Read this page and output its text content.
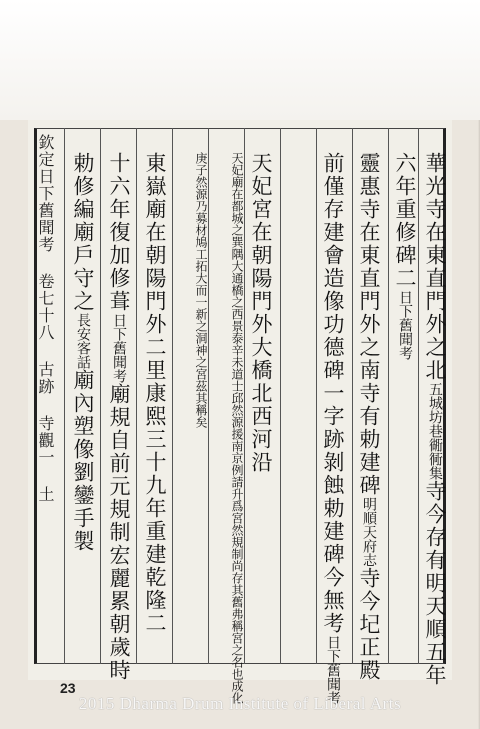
欽定日下舊聞考 卷七十八 古跡 寺觀一 土	華光寺在東直門外之北五城坊巷衚衕集寺今存有明天順五年
六年重修碑二日下舊聞考
靈惠寺在東直門外之南寺有勅建碑明順天府志寺今圮正殿
前僅存建會造像功德碑一字跡剝蝕勅建碑今無考日下舊聞考
天妃宮在朝陽門外大橋北西河沿
天妃廟在都城之巽隅大通橋之西景泰辛未道士邱然源援南京例請升爲宮然規制尚存其舊弗稱宮之名也成化
庚子然源乃募材鳩工拓大而一新之洞神之宮茲其稱矣
東嶽廟在朝陽門外二里康熙三十九年重建乾隆二
十六年復加修葺日下舊聞考廟規自前元規制宏麗累朝歲時
勅修編廟戶守之長安客話廟內塑像劉鑾手製
23
2015 Dharma Drum Institute of Liberal Arts
